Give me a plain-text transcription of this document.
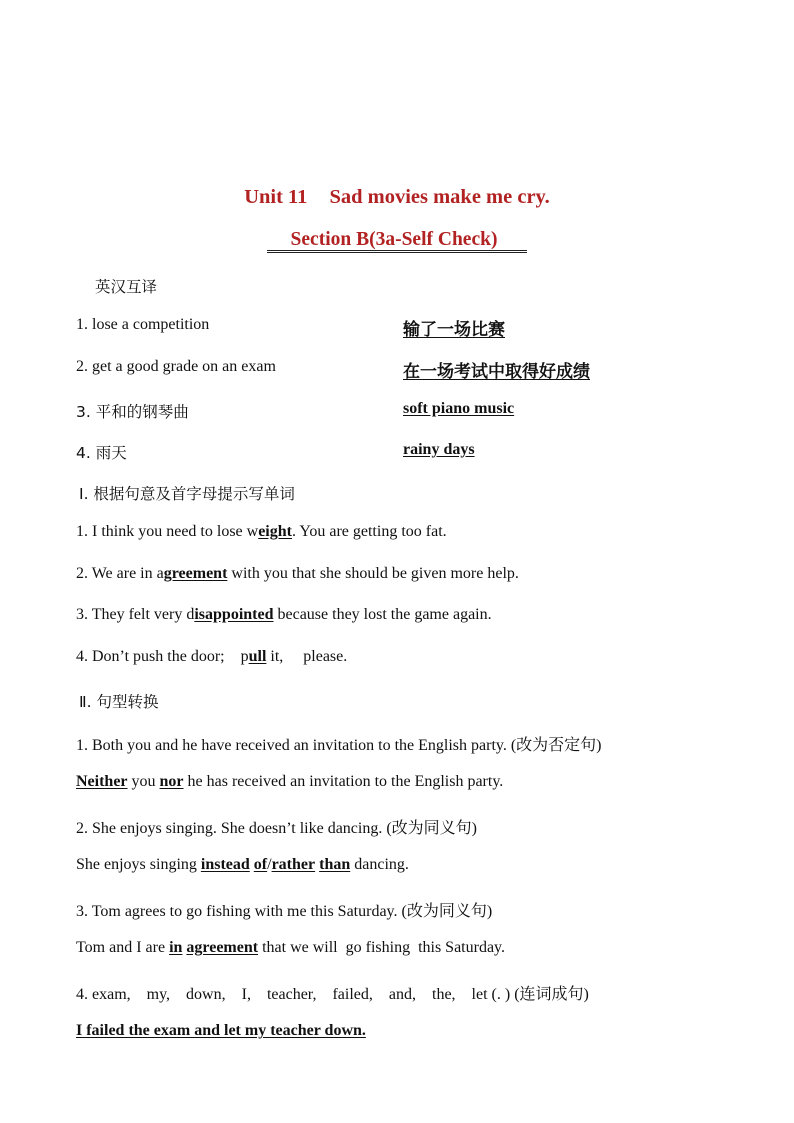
Unit 11 Sad movies make me cry.
Section B(3a-Self Check)
英汉互译
1. lose a competition	输了一场比赛
2. get a good grade on an exam	在一场考试中取得好成绩
3. 平和的钢琴曲	soft piano music
4. 雨天	rainy days
Ⅰ. 根据句意及首字母提示写单词
1. I think you need to lose weight. You are getting too fat.
2. We are in agreement with you that she should be given more help.
3. They felt very disappointed because they lost the game again.
4. Don’t push the door;    pull it,     please.
Ⅱ. 句型转换
1. Both you and he have received an invitation to the English party. (改为否定句)
Neither you nor he has received an invitation to the English party.
2. She enjoys singing. She doesn’t like dancing. (改为同义句)
She enjoys singing instead of/rather than dancing.
3. Tom agrees to go fishing with me this Saturday. (改为同义句)
Tom and I are in agreement that we will  go fishing  this Saturday.
4. exam,    my,    down,    I,    teacher,    failed,    and,    the,    let (. ) (连词成句)
I failed the exam and let my teacher down.
